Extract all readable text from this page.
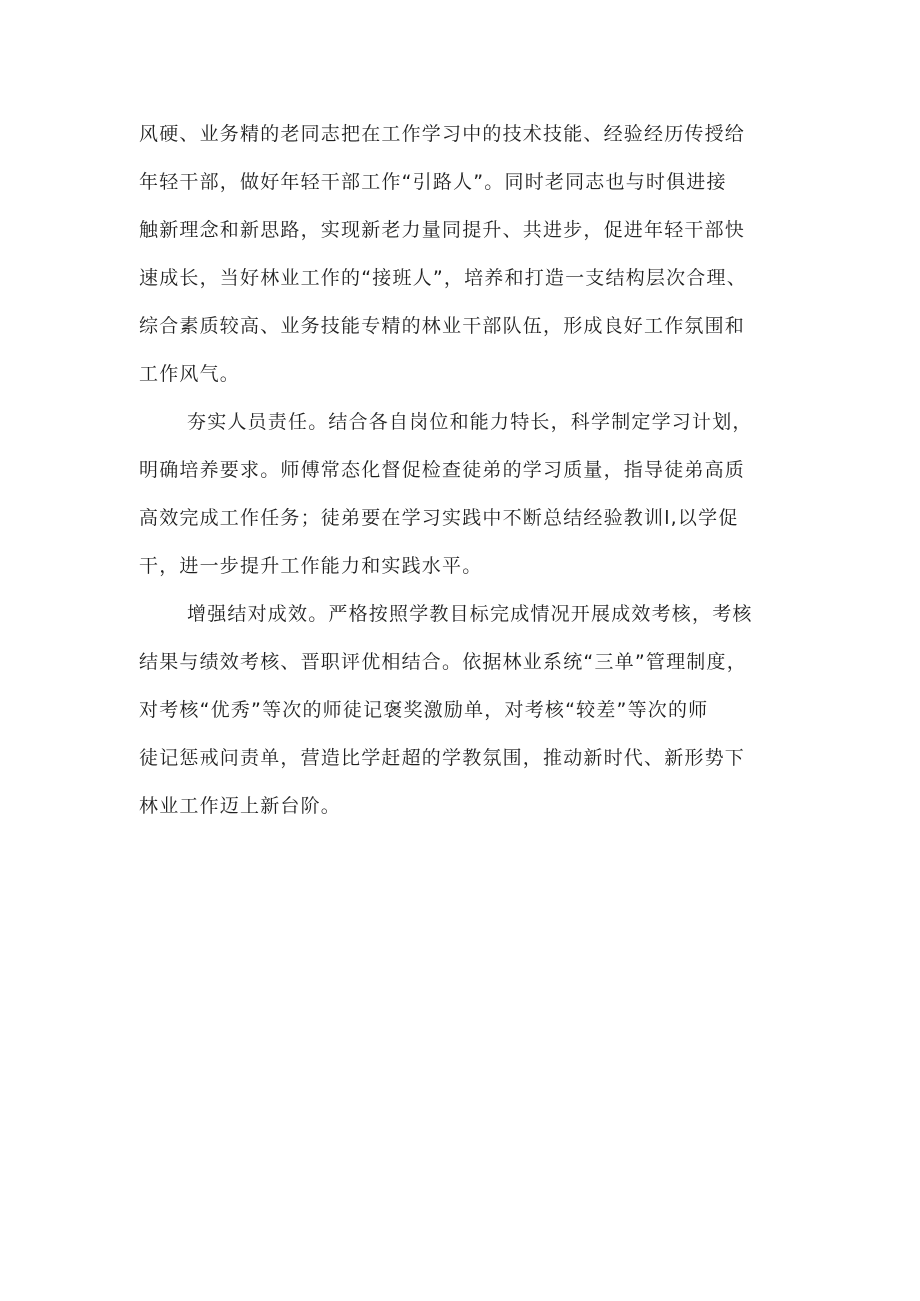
风硬、业务精的老同志把在工作学习中的技术技能、经验经历传授给
年轻干部，做好年轻干部工作“引路人”。同时老同志也与时俱进接
触新理念和新思路，实现新老力量同提升、共进步，促进年轻干部快
速成长，当好林业工作的“接班人”，培养和打造一支结构层次合理、
综合素质较高、业务技能专精的林业干部队伍，形成良好工作氛围和
工作风气。
夯实人员责任。结合各自岗位和能力特长，科学制定学习计划，
明确培养要求。师傅常态化督促检查徒弟的学习质量，指导徒弟高质
高效完成工作任务；徒弟要在学习实践中不断总结经验教训l,以学促
干，进一步提升工作能力和实践水平。
增强结对成效。严格按照学教目标完成情况开展成效考核，考核
结果与绩效考核、晋职评优相结合。依据林业系统“三单”管理制度，
对考核“优秀”等次的师徒记褒奖激励单，对考核“较差”等次的师
徒记惩戒问责单，营造比学赶超的学教氛围，推动新时代、新形势下
林业工作迈上新台阶。
